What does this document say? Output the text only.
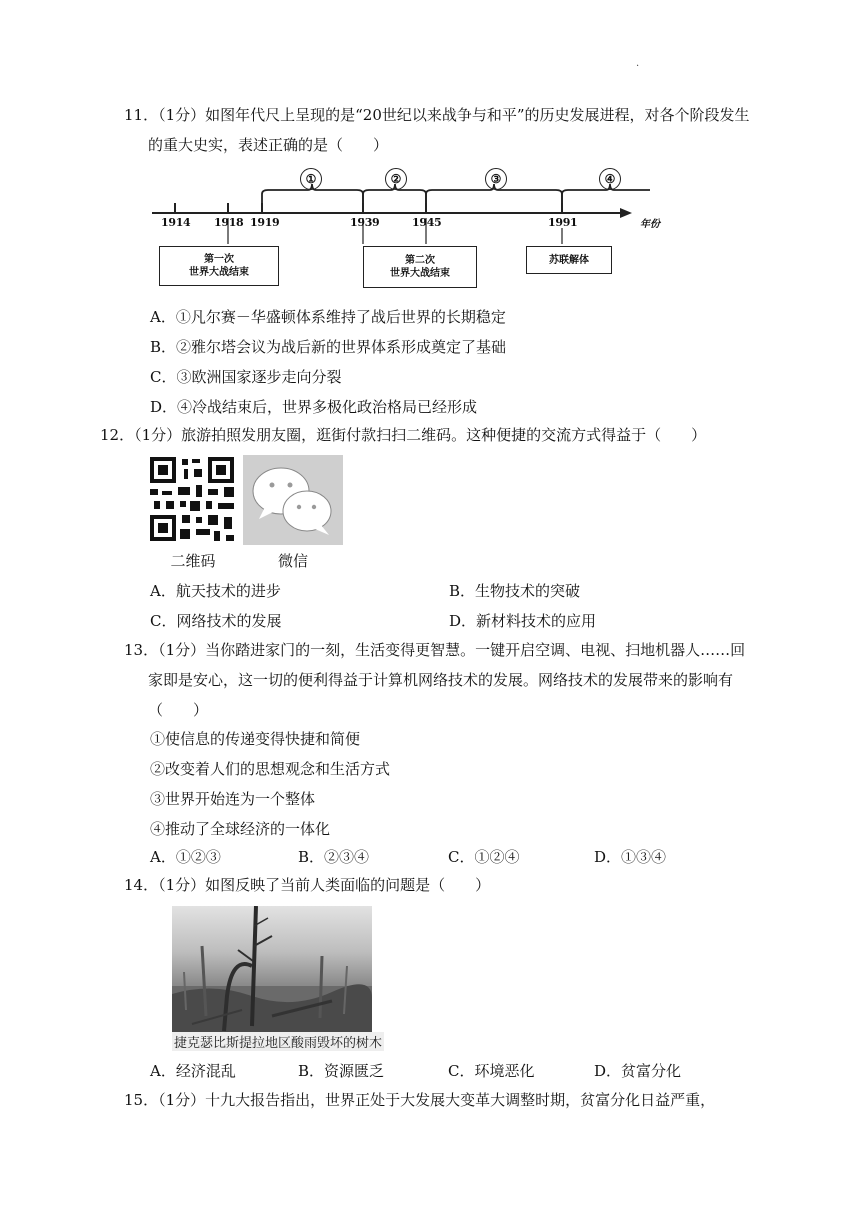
.
11．（1分）如图年代尺上呈现的是“20世纪以来战争与和平”的历史发展进程，对各个阶段发生的重大史实，表述正确的是（　　）
1914 1918 1919	1939	1945	1991	年份
①	②	③	④
第一次
世界大战结束
第二次
世界大战结束
苏联解体
A．①凡尔赛－华盛顿体系维持了战后世界的长期稳定
B．②雅尔塔会议为战后新的世界体系形成奠定了基础
C．③欧洲国家逐步走向分裂
D．④冷战结束后，世界多极化政治格局已经形成
12．（1分）旅游拍照发朋友圈，逛街付款扫扫二维码。这种便捷的交流方式得益于（　　）
二维码	微信
A．航天技术的进步	B．生物技术的突破
C．网络技术的发展	D．新材料技术的应用
13．（1分）当你踏进家门的一刻，生活变得更智慧。一键开启空调、电视、扫地机器人……回家即是安心，这一切的便利得益于计算机网络技术的发展。网络技术的发展带来的影响有（　　）
①使信息的传递变得快捷和简便
②改变着人们的思想观念和生活方式
③世界开始连为一个整体
④推动了全球经济的一体化
A．①②③	B．②③④	C．①②④	D．①③④
14．（1分）如图反映了当前人类面临的问题是（　　）
捷克瑟比斯提拉地区酸雨毁坏的树木
A．经济混乱	B．资源匮乏	C．环境恶化	D．贫富分化
15．（1分）十九大报告指出，世界正处于大发展大变革大调整时期，贫富分化日益严重，
